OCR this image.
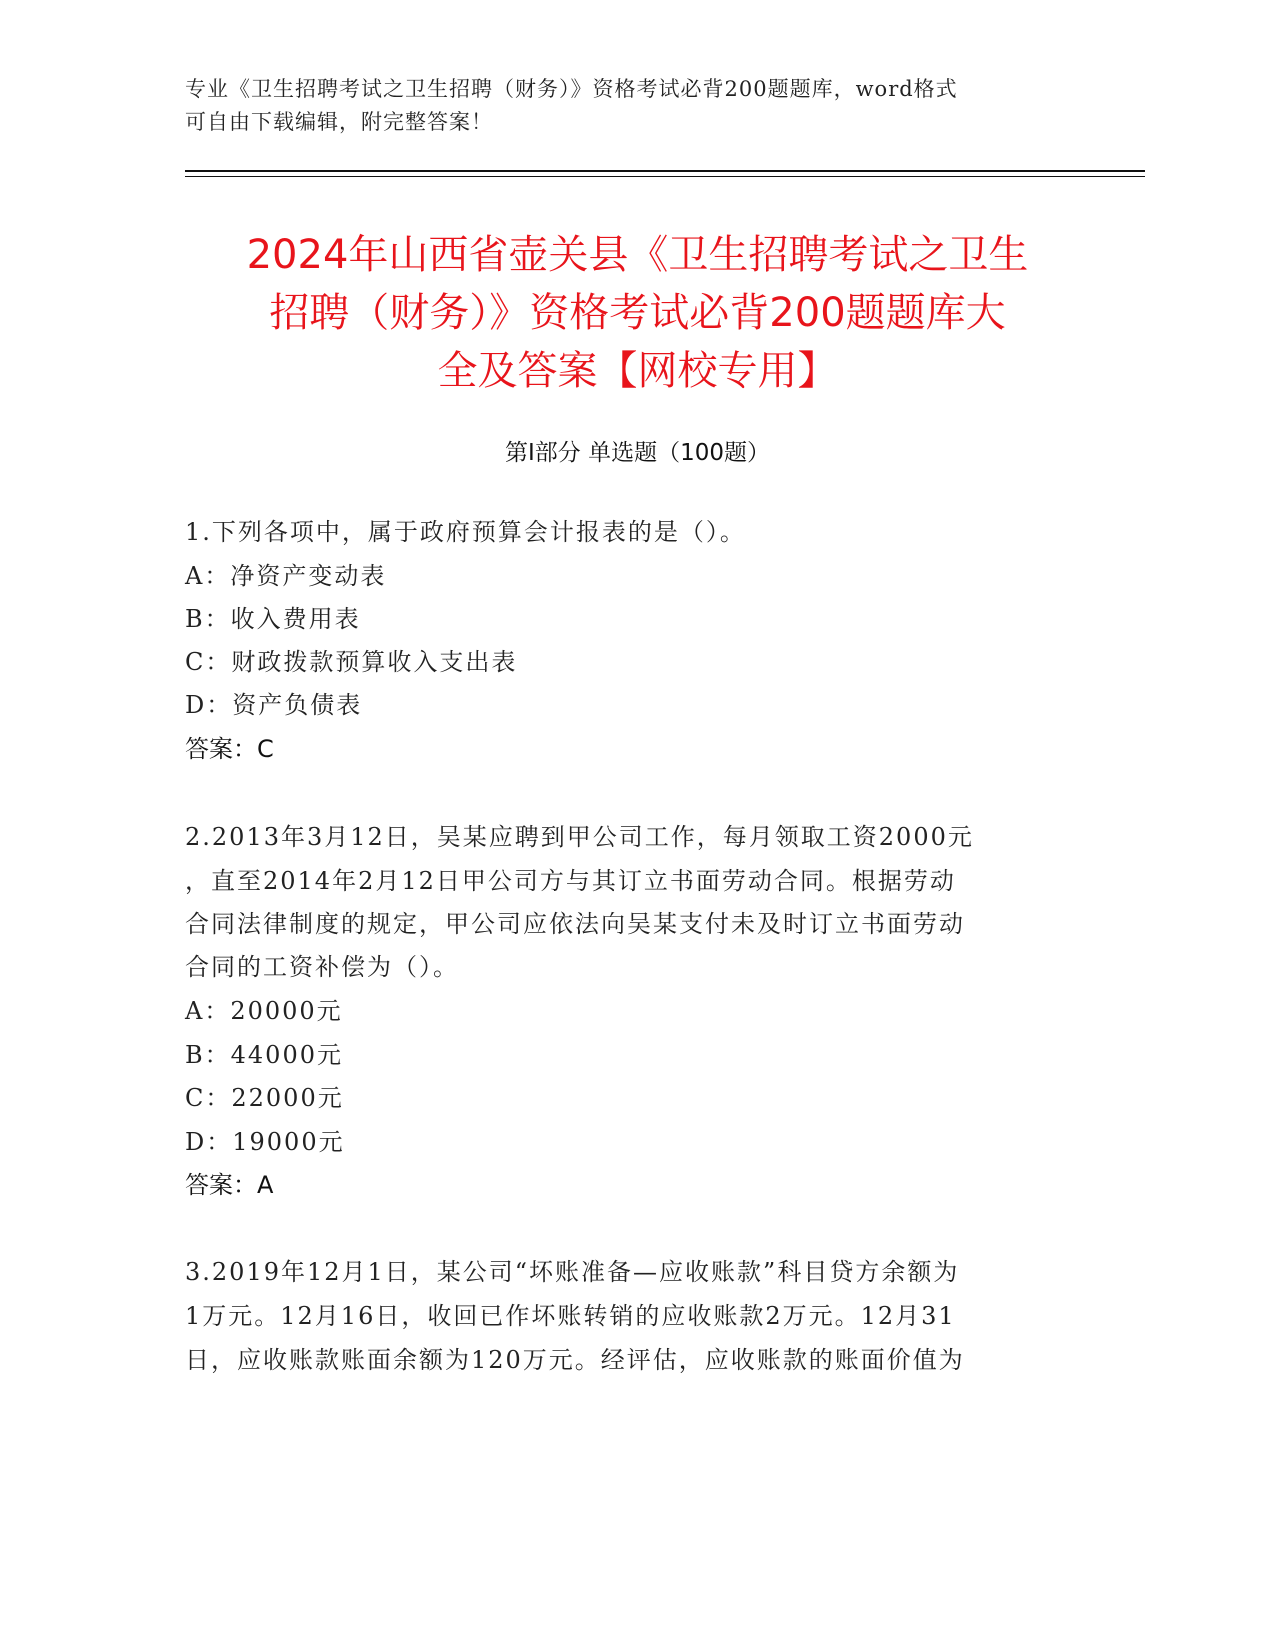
专业《卫生招聘考试之卫生招聘（财务）》资格考试必背200题题库，word格式
可自由下载编辑，附完整答案！
2024年山西省壶关县《卫生招聘考试之卫生
招聘（财务）》资格考试必背200题题库大
全及答案【网校专用】
第Ⅰ部分 单选题（100题）
1.下列各项中，属于政府预算会计报表的是（）。
A：净资产变动表
B：收入费用表
C：财政拨款预算收入支出表
D：资产负债表
答案：C
2.2013年3月12日，吴某应聘到甲公司工作，每月领取工资2000元
，直至2014年2月12日甲公司方与其订立书面劳动合同。根据劳动
合同法律制度的规定，甲公司应依法向吴某支付未及时订立书面劳动
合同的工资补偿为（）。
A：20000元
B：44000元
C：22000元
D：19000元
答案：A
3.2019年12月1日，某公司“坏账准备—应收账款”科目贷方余额为
1万元。12月16日，收回已作坏账转销的应收账款2万元。12月31
日，应收账款账面余额为120万元。经评估，应收账款的账面价值为
